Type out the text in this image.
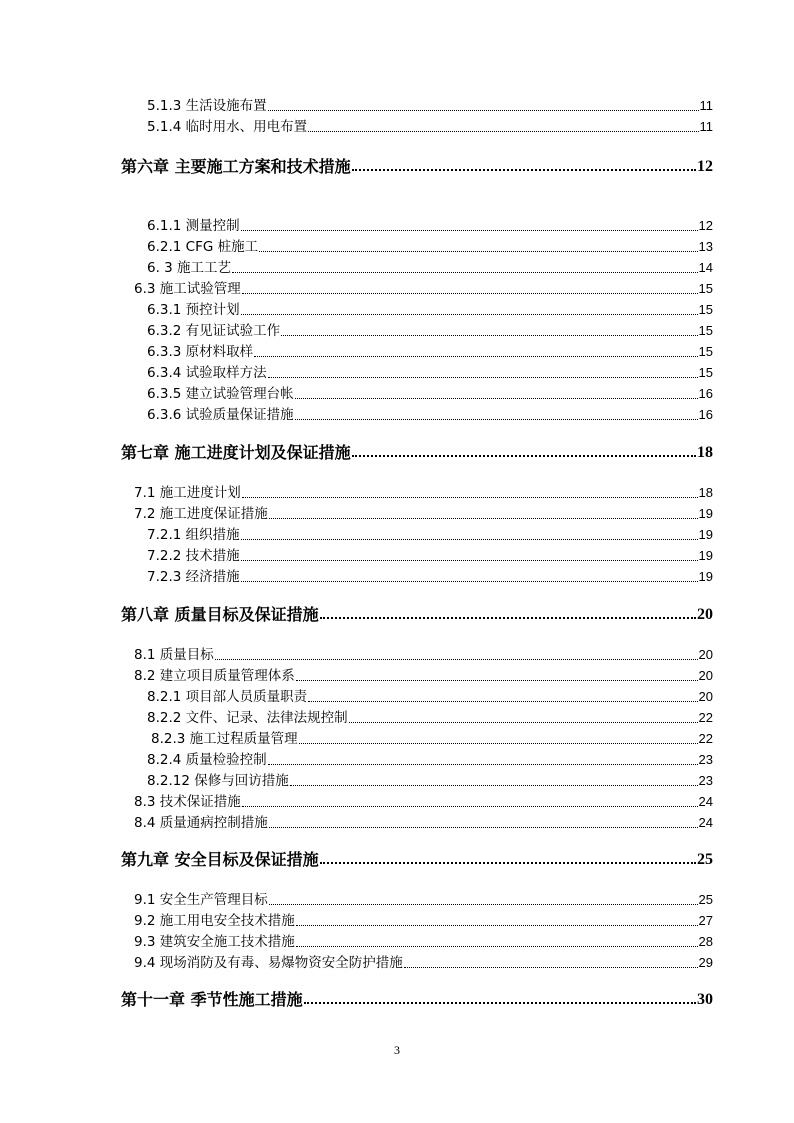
5.1.3 生活设施布置	11
5.1.4 临时用水、用电布置	11
第六章 主要施工方案和技术措施	12
6.1.1 测量控制	12
6.2.1 CFG 桩施工	13
6. 3 施工工艺	14
6.3 施工试验管理	15
6.3.1 预控计划	15
6.3.2 有见证试验工作	15
6.3.3 原材料取样	15
6.3.4 试验取样方法	15
6.3.5 建立试验管理台帐	16
6.3.6 试验质量保证措施	16
第七章 施工进度计划及保证措施	18
7.1 施工进度计划	18
7.2 施工进度保证措施	19
7.2.1 组织措施	19
7.2.2 技术措施	19
7.2.3 经济措施	19
第八章 质量目标及保证措施	20
8.1 质量目标	20
8.2 建立项目质量管理体系	20
8.2.1 项目部人员质量职责	20
8.2.2 文件、记录、法律法规控制	22
8.2.3 施工过程质量管理	22
8.2.4 质量检验控制	23
8.2.12 保修与回访措施	23
8.3 技术保证措施	24
8.4 质量通病控制措施	24
第九章 安全目标及保证措施	25
9.1 安全生产管理目标	25
9.2 施工用电安全技术措施	27
9.3 建筑安全施工技术措施	28
9.4 现场消防及有毒、易爆物资安全防护措施	29
第十一章 季节性施工措施	30
3
